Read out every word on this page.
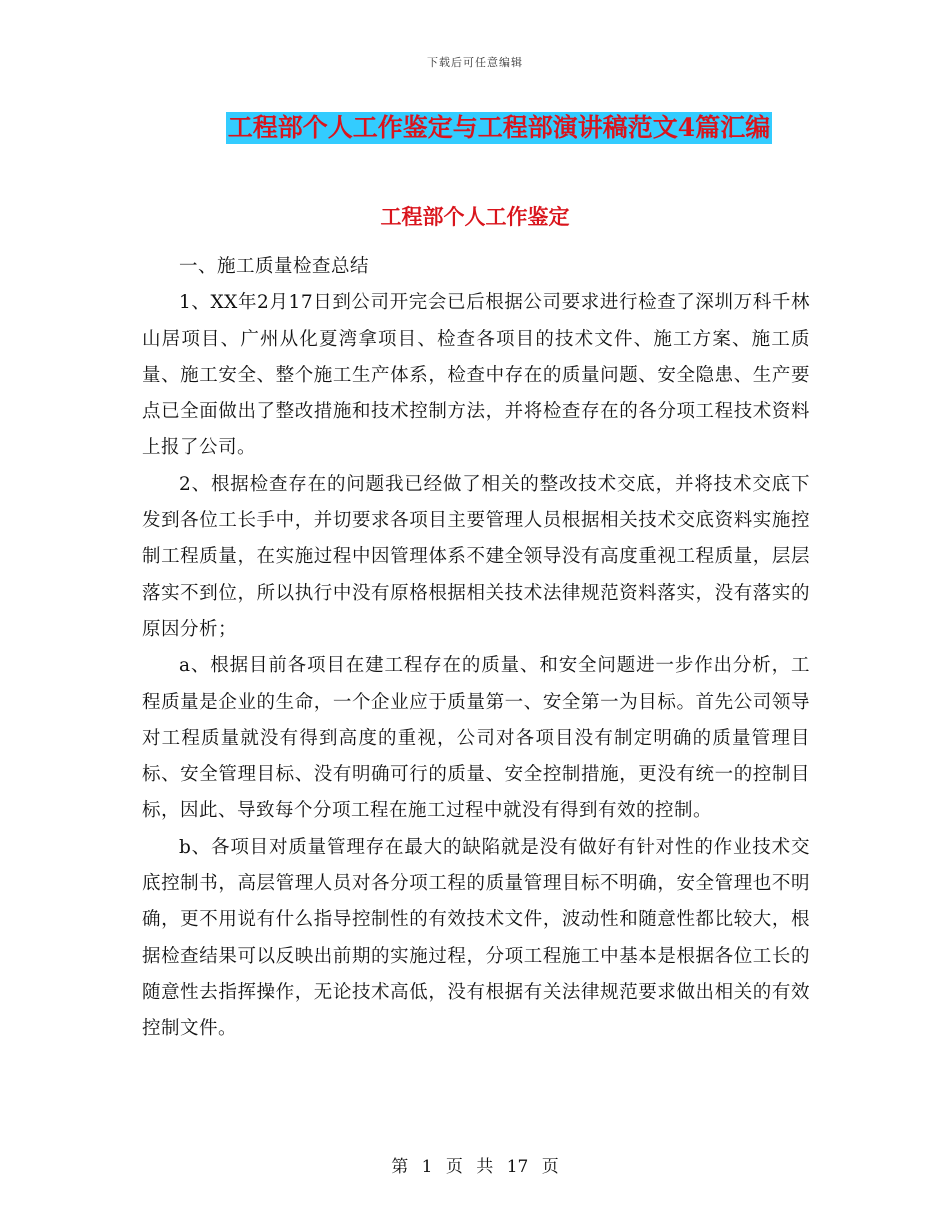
下载后可任意编辑
工程部个人工作鉴定与工程部演讲稿范文4篇汇编
工程部个人工作鉴定

一、施工质量检查总结

1、XX年2月17日到公司开完会已后根据公司要求进行检查了深圳万科千林山居项目、广州从化夏湾拿项目、检查各项目的技术文件、施工方案、施工质量、施工安全、整个施工生产体系，检查中存在的质量问题、安全隐患、生产要点已全面做出了整改措施和技术控制方法，并将检查存在的各分项工程技术资料上报了公司。

2、根据检查存在的问题我已经做了相关的整改技术交底，并将技术交底下发到各位工长手中，并切要求各项目主要管理人员根据相关技术交底资料实施控制工程质量，在实施过程中因管理体系不建全领导没有高度重视工程质量，层层落实不到位，所以执行中没有原格根据相关技术法律规范资料落实，没有落实的原因分析；

a、根据目前各项目在建工程存在的质量、和安全问题进一步作出分析，工程质量是企业的生命，一个企业应于质量第一、安全第一为目标。首先公司领导对工程质量就没有得到高度的重视，公司对各项目没有制定明确的质量管理目标、安全管理目标、没有明确可行的质量、安全控制措施，更没有统一的控制目标，因此、导致每个分项工程在施工过程中就没有得到有效的控制。

b、各项目对质量管理存在最大的缺陷就是没有做好有针对性的作业技术交底控制书，高层管理人员对各分项工程的质量管理目标不明确，安全管理也不明确，更不用说有什么指导控制性的有效技术文件，波动性和随意性都比较大，根据检查结果可以反映出前期的实施过程，分项工程施工中基本是根据各位工长的随意性去指挥操作，无论技术高低，没有根据有关法律规范要求做出相关的有效控制文件。

第 1 页 共 17 页
